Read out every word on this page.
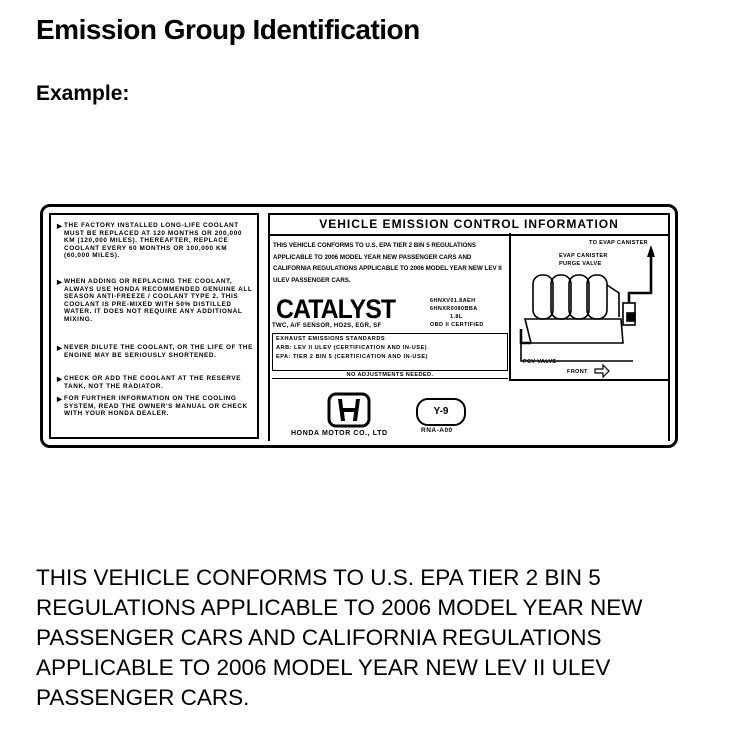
Emission Group Identification
Example:
▶ THE FACTORY INSTALLED LONG-LIFE COOLANT MUST BE REPLACED AT 120 MONTHS OR 200,000 KM (120,000 MILES). THEREAFTER, REPLACE COOLANT EVERY 60 MONTHS OR 100,000 KM (60,000 MILES).
▶ WHEN ADDING OR REPLACING THE COOLANT, ALWAYS USE HONDA RECOMMENDED GENUINE ALL SEASON ANTI-FREEZE / COOLANT TYPE 2. THIS COOLANT IS PRE-MIXED WITH 50% DISTILLED WATER. IT DOES NOT REQUIRE ANY ADDITIONAL MIXING.
▶ NEVER DILUTE THE COOLANT, OR THE LIFE OF THE ENGINE MAY BE SERIOUSLY SHORTENED.
▶ CHECK OR ADD THE COOLANT AT THE RESERVE TANK, NOT THE RADIATOR.
▶ FOR FURTHER INFORMATION ON THE COOLING SYSTEM, READ THE OWNER'S MANUAL OR CHECK WITH YOUR HONDA DEALER.
VEHICLE EMISSION CONTROL INFORMATION
THIS VEHICLE CONFORMS TO U.S. EPA TIER 2 BIN 5 REGULATIONS APPLICABLE TO 2006 MODEL YEAR NEW PASSENGER CARS AND CALIFORNIA REGULATIONS APPLICABLE TO 2006 MODEL YEAR NEW LEV II ULEV PASSENGER CARS.
CATALYST	6HNXV01.8AEH
6HNXR0080BBA
1.8L
OBD II CERTIFIED
TWC, A/F SENSOR, HO2S, EGR, SF
EXHAUST EMISSIONS STANDARDS
ARB: LEV II ULEV (CERTIFICATION AND IN-USE)
EPA: TIER 2 BIN 5 (CERTIFICATION AND IN-USE)
NO ADJUSTMENTS NEEDED.
TO EVAP CANISTER
EVAP CANISTER PURGE VALVE
PCV VALVE
FRONT
HONDA MOTOR CO., LTD
Y-9
RNA-A00
THIS VEHICLE CONFORMS TO U.S. EPA TIER 2 BIN 5 REGULATIONS APPLICABLE TO 2006 MODEL YEAR NEW PASSENGER CARS AND CALIFORNIA REGULATIONS APPLICABLE TO 2006 MODEL YEAR NEW LEV II ULEV PASSENGER CARS.
